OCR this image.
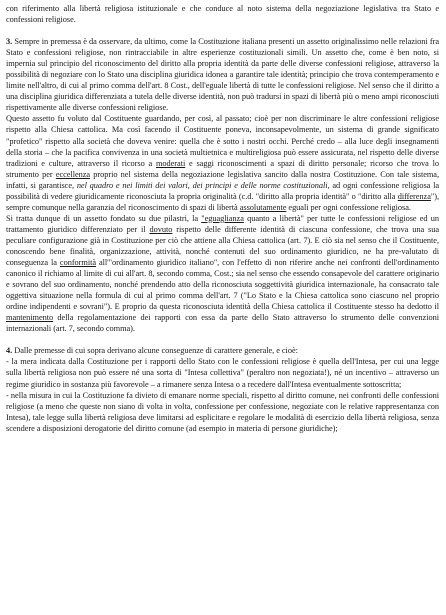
con riferimento alla libertà religiosa istituzionale e che conduce al noto sistema della negoziazione legislativa tra Stato e confessioni religiose.

3. Sempre in premessa è da osservare, da ultimo, come la Costituzione italiana presenti un assetto originalissimo nelle relazioni fra Stato e confessioni religiose, non rintracciabile in altre esperienze costituzionali simili. Un assetto che, come è ben noto, si impernia sul principio del riconoscimento del diritto alla propria identità da parte delle diverse confessioni religiose, attraverso la possibilità di negoziare con lo Stato una disciplina giuridica idonea a garantire tale identità; principio che trova contemperamento e limite nell'altro, di cui al primo comma dell'art. 8 Cost., dell'eguale libertà di tutte le confessioni religiose. Nel senso che il diritto a una disciplina giuridica differenziata a tutela delle diverse identità, non può tradursi in spazi di libertà più o meno ampi riconosciuti rispettivamente alle diverse confessioni religiose.

Questo assetto fu voluto dal Costituente guardando, per così, al passato; cioè per non discriminare le altre confessioni religiose rispetto alla Chiesa cattolica. Ma così facendo il Costituente poneva, inconsapevolmente, un sistema di grande significato "profetico" rispetto alla società che doveva venire: quella che è sotto i nostri occhi. Perché credo – alla luce degli insegnamenti della storia – che la pacifica convivenza in una società multietnica e multireligiosa può essere assicurata, nel rispetto delle diverse tradizioni e culture, attraverso il ricorso a moderati e saggi riconoscimenti a spazi di diritto personale; ricorso che trova lo strumento per eccellenza proprio nel sistema della negoziazione legislativa sancito dalla nostra Costituzione. Con tale sistema, infatti, si garantisce, nel quadro e nei limiti dei valori, dei principi e delle norme costituzionali, ad ogni confessione religiosa la possibilità di vedere giuridicamente riconosciuta la propria originalità (c.d. "diritto alla propria identità" o "diritto alla differenza"), sempre comunque nella garanzia del riconoscimento di spazi di libertà assolutamente eguali per ogni confessione religiosa.

Si tratta dunque di un assetto fondato su due pilastri, la "eguaglianza quanto a libertà" per tutte le confessioni religiose ed un trattamento giuridico differenziato per il dovuto rispetto delle differente identità di ciascuna confessione, che trova una sua peculiare configurazione già in Costituzione per ciò che attiene alla Chiesa cattolica (art. 7). E ciò sia nel senso che il Costituente, conoscendo bene finalità, organizzazione, attività, nonché contenuti del suo ordinamento giuridico, ne ha pre-valutato di conseguenza la conformità all'"ordinamento giuridico italiano", con l'effetto di non riferire anche nei confronti dell'ordinamento canonico il richiamo al limite di cui all'art. 8, secondo comma, Cost.; sia nel senso che essendo consapevole del carattere originario e sovrano del suo ordinamento, nonché prendendo atto della riconosciuta soggettività giuridica internazionale, ha consacrato tale oggettiva situazione nella formula di cui al primo comma dell'art. 7 ("Lo Stato e la Chiesa cattolica sono ciascuno nel proprio ordine indipendenti e sovrani"). E proprio da questa riconosciuta identità della Chiesa cattolica il Costituente stesso ha dedotto il mantenimento della regolamentazione dei rapporti con essa da parte dello Stato attraverso lo strumento delle convenzioni internazionali (art. 7, secondo comma).

4. Dalle premesse di cui sopra derivano alcune conseguenze di carattere generale, e cioè:

- la mera indicata dalla Costituzione per i rapporti dello Stato con le confessioni religiose è quella dell'Intesa, per cui una legge sulla libertà religiosa non può essere né una sorta di "Intesa collettiva" (peraltro non negoziata!), né un incentivo – attraverso un regime giuridico in sostanza più favorevole – a rimanere senza Intesa o a recedere dall'Intesa eventualmente sottoscritta;

- nella misura in cui la Costituzione fa divieto di emanare norme speciali, rispetto al diritto comune, nei confronti delle confessioni religiose (a meno che queste non siano di volta in volta, confessione per confessione, negoziate con le relative rappresentanza con Intesa), tale legge sulla libertà religiosa deve limitarsi ad esplicitare e regolare le modalità di esercizio della libertà religiosa, senza scendere a disposizioni derogatorie del diritto comune (ad esempio in materia di persone giuridiche);
